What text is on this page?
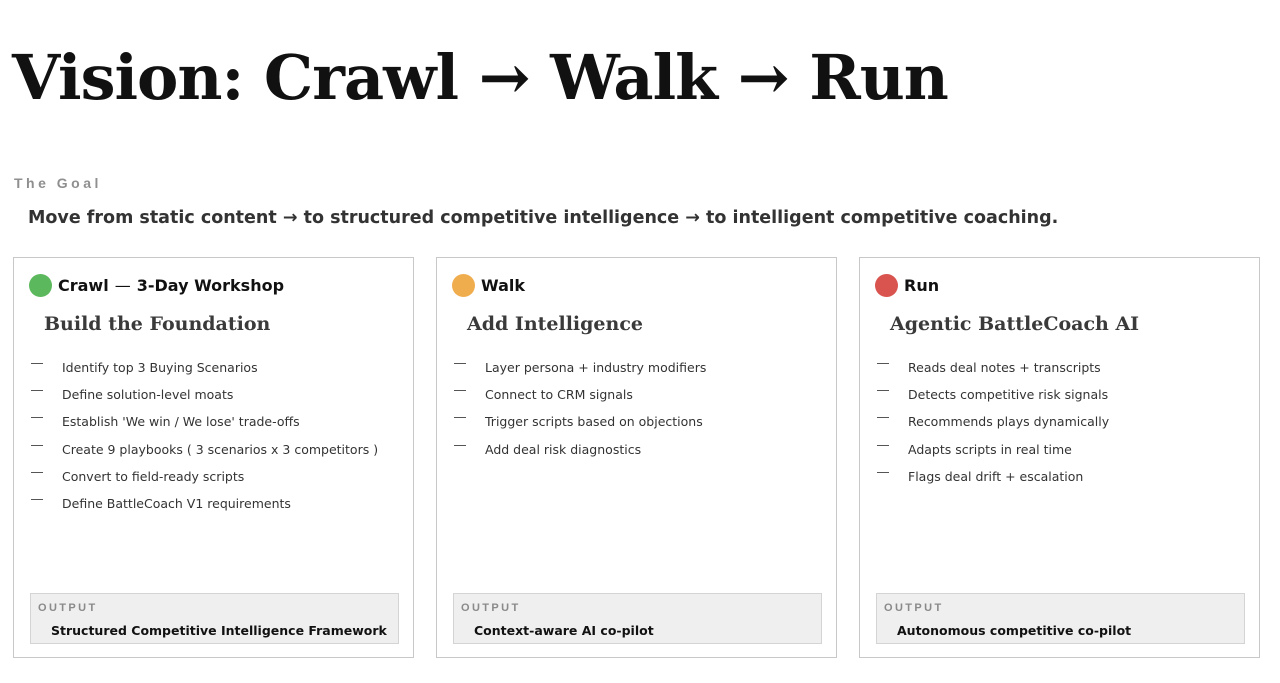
Vision: Crawl → Walk → Run
The Goal
Move from static content → to structured competitive intelligence → to intelligent competitive coaching.
Crawl — 3-Day Workshop
Build the Foundation
Identify top 3 Buying Scenarios
Define solution-level moats
Establish 'We win / We lose' trade-offs
Create 9 playbooks ( 3 scenarios x 3 competitors )
Convert to field-ready scripts
Define BattleCoach V1 requirements
OUTPUT
Structured Competitive Intelligence Framework
Walk
Add Intelligence
Layer persona + industry modifiers
Connect to CRM signals
Trigger scripts based on objections
Add deal risk diagnostics
OUTPUT
Context-aware AI co-pilot
Run
Agentic BattleCoach AI
Reads deal notes + transcripts
Detects competitive risk signals
Recommends plays dynamically
Adapts scripts in real time
Flags deal drift + escalation
OUTPUT
Autonomous competitive co-pilot
